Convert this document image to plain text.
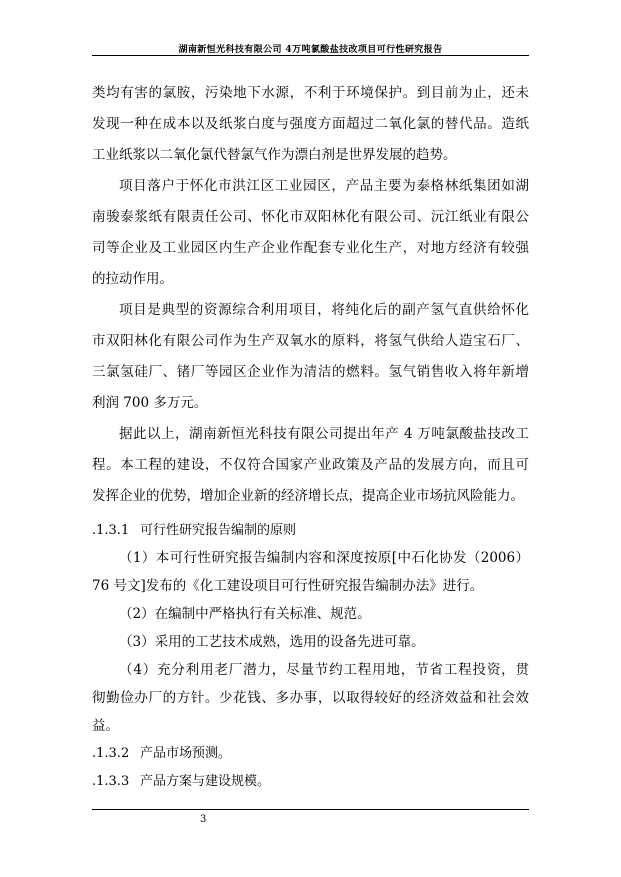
湖南新恒光科技有限公司 4万吨氯酸盐技改项目可行性研究报告
类均有害的氯胺，污染地下水源，不利于环境保护。到目前为止，还未
发现一种在成本以及纸浆白度与强度方面超过二氧化氯的替代品。造纸
工业纸浆以二氧化氯代替氯气作为漂白剂是世界发展的趋势。
项目落户于怀化市洪江区工业园区，产品主要为泰格林纸集团如湖
南骏泰浆纸有限责任公司、怀化市双阳林化有限公司、沅江纸业有限公
司等企业及工业园区内生产企业作配套专业化生产，对地方经济有较强
的拉动作用。
项目是典型的资源综合利用项目，将纯化后的副产氢气直供给怀化
市双阳林化有限公司作为生产双氧水的原料，将氢气供给人造宝石厂、
三氯氢硅厂、锗厂等园区企业作为清洁的燃料。氢气销售收入将年新增
利润 700 多万元。
据此以上，湖南新恒光科技有限公司提出年产 4 万吨氯酸盐技改工
程。本工程的建设，不仅符合国家产业政策及产品的发展方向，而且可
发挥企业的优势，增加企业新的经济增长点，提高企业市场抗风险能力。
.1.3.1 可行性研究报告编制的原则
（1）本可行性研究报告编制内容和深度按原[中石化协发（2006）
76 号文]发布的《化工建设项目可行性研究报告编制办法》进行。
（2）在编制中严格执行有关标准、规范。
（3）采用的工艺技术成熟，选用的设备先进可靠。
（4）充分利用老厂潜力，尽量节约工程用地，节省工程投资，贯
彻勤俭办厂的方针。少花钱、多办事，以取得较好的经济效益和社会效
益。
.1.3.2 产品市场预测。
.1.3.3 产品方案与建设规模。
3
